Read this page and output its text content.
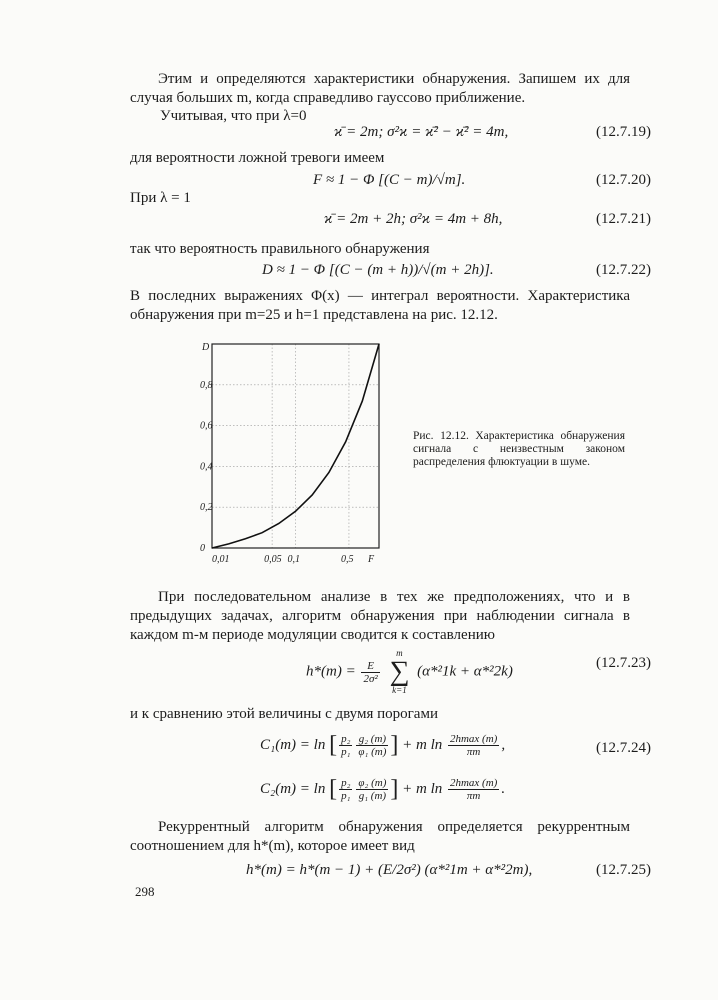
Этим и определяются характеристики обнаружения. Запишем их для случая больших m, когда справедливо гауссово приближение.

Учитывая, что при λ=0
ϰ̄ = 2m; σ²ϰ = ϰ̄² − ϰ̄² = 4m,	(12.7.19)
для вероятности ложной тревоги имеем
F ≈ 1 − Φ [(C − m)/√m].	(12.7.20)
При λ = 1
ϰ̄ = 2m + 2h; σ²ϰ = 4m + 8h,	(12.7.21)
так что вероятность правильного обнаружения
D ≈ 1 − Φ [(C − (m + h))/√(m + 2h)].	(12.7.22)

В последних выражениях Φ(x) — интеграл вероятности. Характеристика обнаружения при m=25 и h=1 представлена на рис. 12.12.

0
0,2
0,4
0,6
0,8
0,01	0,05 0,1	0,5
D
F
Рис. 12.12. Характеристика обнаружения сигнала с неизвестным законом распределения флюктуации в шуме.

При последовательном анализе в тех же предположениях, что и в предыдущих задачах, алгоритм обнаружения при наблюдении сигнала в каждом m-м периоде модуляции сводится к составлению

$h*(m) = \frac{E}{\text{2σ²}}$
m
∑
k=1 (α*²1k + α*²2k)
(12.7.23)
и к сравнению этой величины с двумя порогами
C₁(m) = ln [ $\frac{\text{p₂}}{\text{p₁}} \frac{\text{g₂ (m)}}{\text{φ₁ (m)}}$ ] + m $\ln \frac{2hmax (m)}{\pi m}$ ,	(12.7.24)
C₂(m) = ln [ $\frac{\text{p₂}}{\text{p₁}} \frac{\text{φ₂ (m)}}{\text{g₁ (m)}}$ ] + m $\ln \frac{2hmax (m)}{\pi m}$ .

Рекуррентный алгоритм обнаружения определяется рекуррентным соотношением для h*(m), которое имеет вид

h*(m) = h*(m − 1) + (E/2σ²) (α*²1m + α*²2m),	(12.7.25)
298
